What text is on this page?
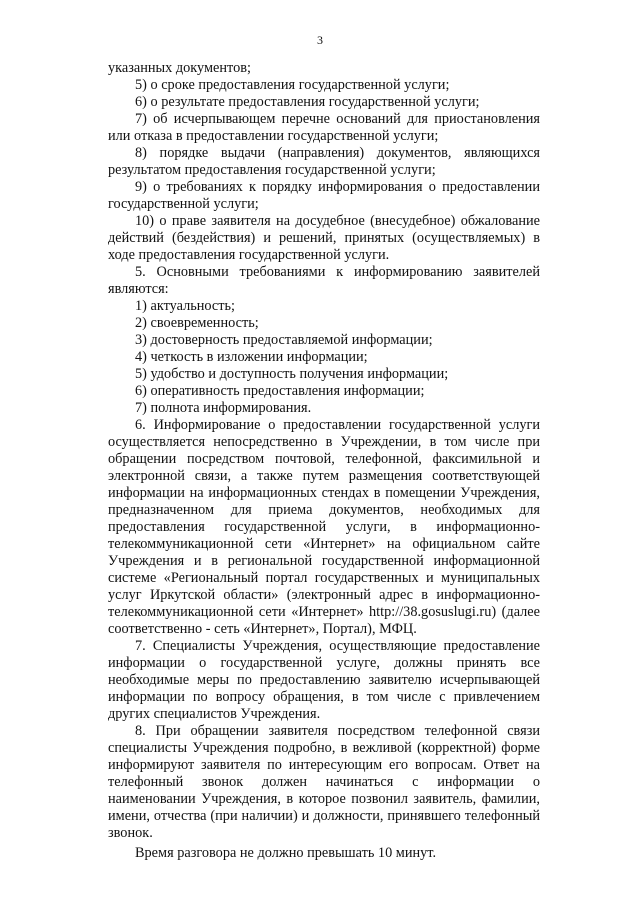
3

указанных документов;

5) о сроке предоставления государственной услуги;

6) о результате предоставления государственной услуги;

7) об исчерпывающем перечне оснований для приостановления или отказа в предоставлении государственной услуги;

8) порядке выдачи (направления) документов, являющихся результатом предоставления государственной услуги;

9) о требованиях к порядку информирования о предоставлении государственной услуги;

10) о праве заявителя на досудебное (внесудебное) обжалование действий (бездействия) и решений, принятых (осуществляемых) в ходе предоставления государственной услуги.

5. Основными требованиями к информированию заявителей являются:

1) актуальность;

2) своевременность;

3) достоверность предоставляемой информации;

4) четкость в изложении информации;

5) удобство и доступность получения информации;

6) оперативность предоставления информации;

7) полнота информирования.

6. Информирование о предоставлении государственной услуги осуществляется непосредственно в Учреждении, в том числе при обращении посредством почтовой, телефонной, факсимильной и электронной связи, а также путем размещения соответствующей информации на информационных стендах в помещении Учреждения, предназначенном для приема документов, необходимых для предоставления государственной услуги, в информационно-телекоммуникационной сети «Интернет» на официальном сайте Учреждения и в региональной государственной информационной системе «Региональный портал государственных и муниципальных услуг Иркутской области» (электронный адрес в информационно-телекоммуникационной сети «Интернет» http://38.gosuslugi.ru) (далее соответственно - сеть «Интернет», Портал), МФЦ.

7. Специалисты Учреждения, осуществляющие предоставление информации о государственной услуге, должны принять все необходимые меры по предоставлению заявителю исчерпывающей информации по вопросу обращения, в том числе с привлечением других специалистов Учреждения.

8. При обращении заявителя посредством телефонной связи специалисты Учреждения подробно, в вежливой (корректной) форме информируют заявителя по интересующим его вопросам. Ответ на телефонный звонок должен начинаться с информации о наименовании Учреждения, в которое позвонил заявитель, фамилии, имени, отчества (при наличии) и должности, принявшего телефонный звонок.

Время разговора не должно превышать 10 минут.
